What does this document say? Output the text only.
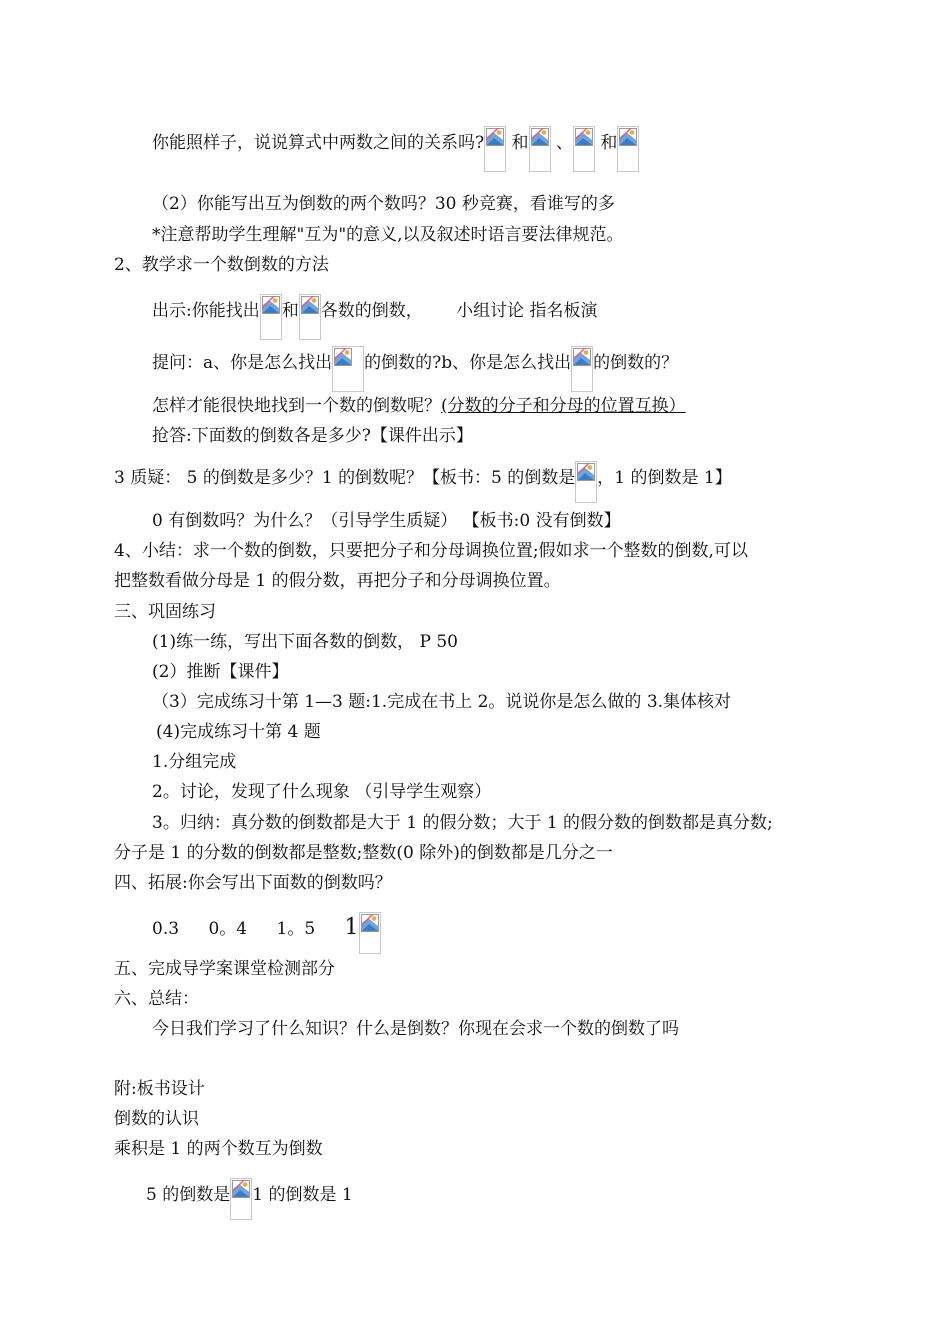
你能照样子，说说算式中两数之间的关系吗? 和 、 和
（2）你能写出互为倒数的两个数吗？30 秒竞赛，看谁写的多
*注意帮助学生理解"互为"的意义,以及叙述时语言要法律规范。
2、教学求一个数倒数的方法
出示:你能找出 和 各数的倒数， 小组讨论 指名板演
提问：a、你是怎么找出 的倒数的?b、你是怎么找出 的倒数的？
怎样才能很快地找到一个数的倒数呢？(分数的分子和分母的位置互换）
抢答:下面数的倒数各是多少?【课件出示】
3 质疑： 5 的倒数是多少？1 的倒数呢？【板书：5 的倒数是 ，1 的倒数是 1】
0 有倒数吗？为什么？（引导学生质疑） 【板书:0 没有倒数】
4、小结：求一个数的倒数，只要把分子和分母调换位置;假如求一个整数的倒数,可以
把整数看做分母是 1 的假分数，再把分子和分母调换位置。
三、巩固练习
(1)练一练，写出下面各数的倒数， P 50
(2）推断【课件】
（3）完成练习十第 1—3 题:1.完成在书上 2。说说你是怎么做的 3.集体核对
(4)完成练习十第 4 题
1.分组完成
2。讨论，发现了什么现象 （引导学生观察）
3。归纳：真分数的倒数都是大于 1 的假分数；大于 1 的假分数的倒数都是真分数;
分子是 1 的分数的倒数都是整数;整数(0 除外)的倒数都是几分之一
四、拓展:你会写出下面数的倒数吗？
0.3 0。4 1。5 1
五、完成导学案课堂检测部分
六、总结：
今日我们学习了什么知识？什么是倒数？你现在会求一个数的倒数了吗
附:板书设计
倒数的认识
乘积是 1 的两个数互为倒数
5 的倒数是 1 的倒数是 1
